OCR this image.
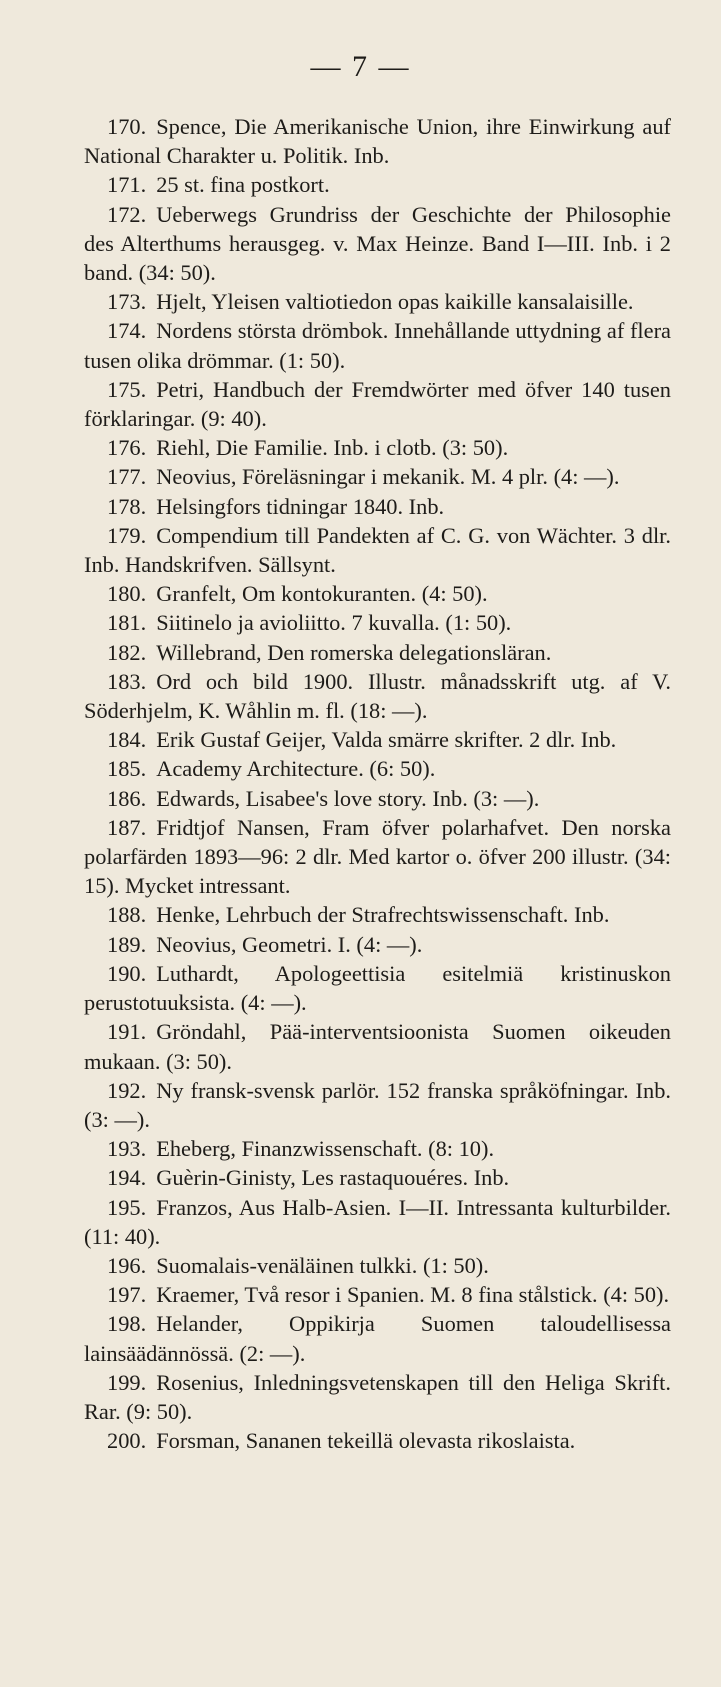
— 7 —
170. Spence, Die Amerikanische Union, ihre Einwirkung auf National Charakter u. Politik. Inb.
171. 25 st. fina postkort.
172. Ueberwegs Grundriss der Geschichte der Philosophie des Alterthums herausgeg. v. Max Heinze. Band I—III. Inb. i 2 band. (34: 50).
173. Hjelt, Yleisen valtiotiedon opas kaikille kansalaisille.
174. Nordens största drömbok. Innehållande uttydning af flera tusen olika drömmar. (1: 50).
175. Petri, Handbuch der Fremdwörter med öfver 140 tusen förklaringar. (9: 40).
176. Riehl, Die Familie. Inb. i clotb. (3: 50).
177. Neovius, Föreläsningar i mekanik. M. 4 plr. (4: —).
178. Helsingfors tidningar 1840. Inb.
179. Compendium till Pandekten af C. G. von Wächter. 3 dlr. Inb. Handskrifven. Sällsynt.
180. Granfelt, Om kontokuranten. (4: 50).
181. Siitinelo ja avioliitto. 7 kuvalla. (1: 50).
182. Willebrand, Den romerska delegationsläran.
183. Ord och bild 1900. Illustr. månadsskrift utg. af V. Söderhjelm, K. Wåhlin m. fl. (18: —).
184. Erik Gustaf Geijer, Valda smärre skrifter. 2 dlr. Inb.
185. Academy Architecture. (6: 50).
186. Edwards, Lisabee's love story. Inb. (3: —).
187. Fridtjof Nansen, Fram öfver polarhafvet. Den norska polarfärden 1893—96: 2 dlr. Med kartor o. öfver 200 illustr. (34: 15). Mycket intressant.
188. Henke, Lehrbuch der Strafrechtswissenschaft. Inb.
189. Neovius, Geometri. I. (4: —).
190. Luthardt, Apologeettisia esitelmiä kristinuskon perustotuuksista. (4: —).
191. Gröndahl, Pää-interventsioonista Suomen oikeuden mukaan. (3: 50).
192. Ny fransk-svensk parlör. 152 franska språköfningar. Inb. (3: —).
193. Eheberg, Finanzwissenschaft. (8: 10).
194. Guèrin-Ginisty, Les rastaquouéres. Inb.
195. Franzos, Aus Halb-Asien. I—II. Intressanta kulturbilder. (11: 40).
196. Suomalais-venäläinen tulkki. (1: 50).
197. Kraemer, Två resor i Spanien. M. 8 fina stålstick. (4: 50).
198. Helander, Oppikirja Suomen taloudellisessa lainsäädännössä. (2: —).
199. Rosenius, Inledningsvetenskapen till den Heliga Skrift. Rar. (9: 50).
200. Forsman, Sananen tekeillä olevasta rikoslaista.
